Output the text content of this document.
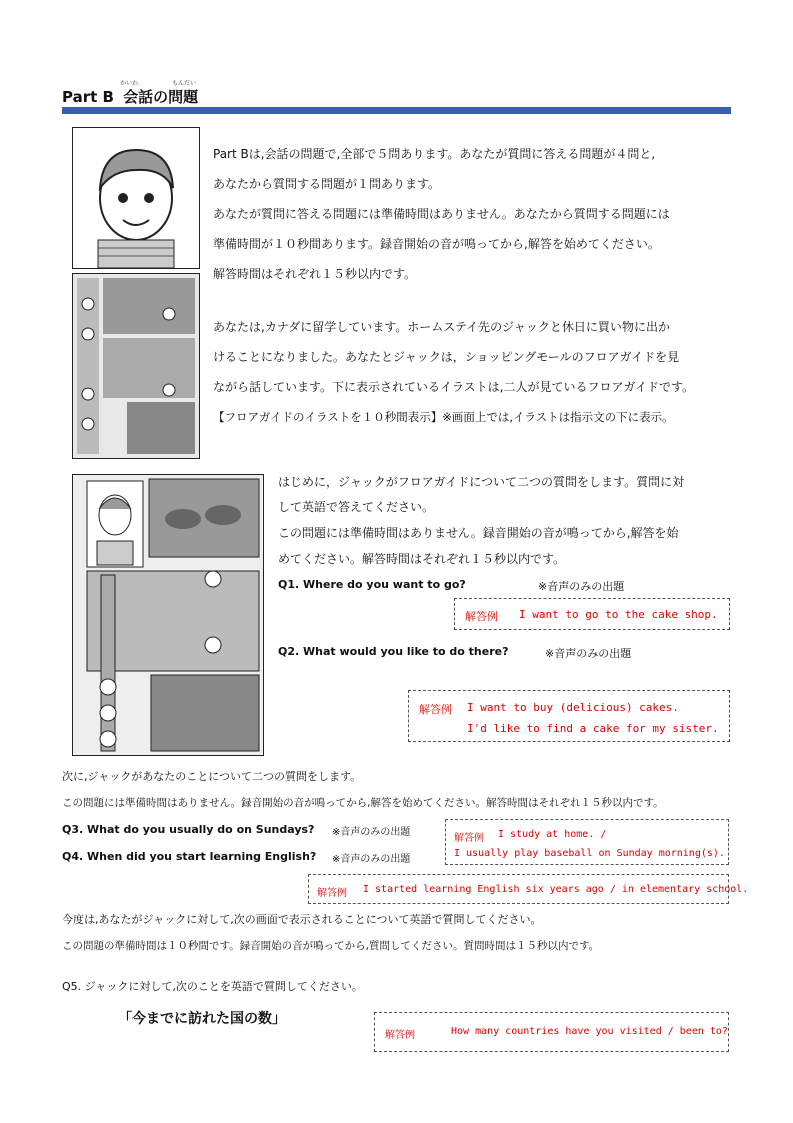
かいわ	もんだい
Part B 会話の問題
Part Bは,会話の問題で,全部で５問あります。あなたが質問に答える問題が４問と,
あなたから質問する問題が１問あります。
あなたが質問に答える問題には準備時間はありません。あなたから質問する問題には
準備時間が１０秒間あります。録音開始の音が鳴ってから,解答を始めてください。
解答時間はそれぞれ１５秒以内です。
あなたは,カナダに留学しています。ホームステイ先のジャックと休日に買い物に出か
けることになりました。あなたとジャックは，ショッピングモールのフロアガイドを見
ながら話しています。下に表示されているイラストは,二人が見ているフロアガイドです。
【フロアガイドのイラストを１０秒間表示】※画面上では,イラストは指示文の下に表示。
はじめに，ジャックがフロアガイドについて二つの質問をします。質問に対
して英語で答えてください。
この問題には準備時間はありません。録音開始の音が鳴ってから,解答を始
めてください。解答時間はそれぞれ１５秒以内です。
Q1. Where do you want to go?	※音声のみの出題
解答例 I want to go to the cake shop.
Q2. What would you like to do there?	※音声のみの出題
解答例 I want to buy (delicious) cakes.
I'd like to find a cake for my sister.
次に,ジャックがあなたのことについて二つの質問をします。
この問題には準備時間はありません。録音開始の音が鳴ってから,解答を始めてください。解答時間はそれぞれ１５秒以内です。
Q3. What do you usually do on Sundays? ※音声のみの出題
Q4. When did you start learning English? ※音声のみの出題
解答例 I study at home. /
I usually play baseball on Sunday morning(s).
解答例 I started learning English six years ago / in elementary school.
今度は,あなたがジャックに対して,次の画面で表示されることについて英語で質問してください。
この問題の準備時間は１０秒間です。録音開始の音が鳴ってから,質問してください。質問時間は１５秒以内です。
Q5. ジャックに対して,次のことを英語で質問してください。
「今までに訪れた国の数」
解答例	How many countries have you visited / been to?
